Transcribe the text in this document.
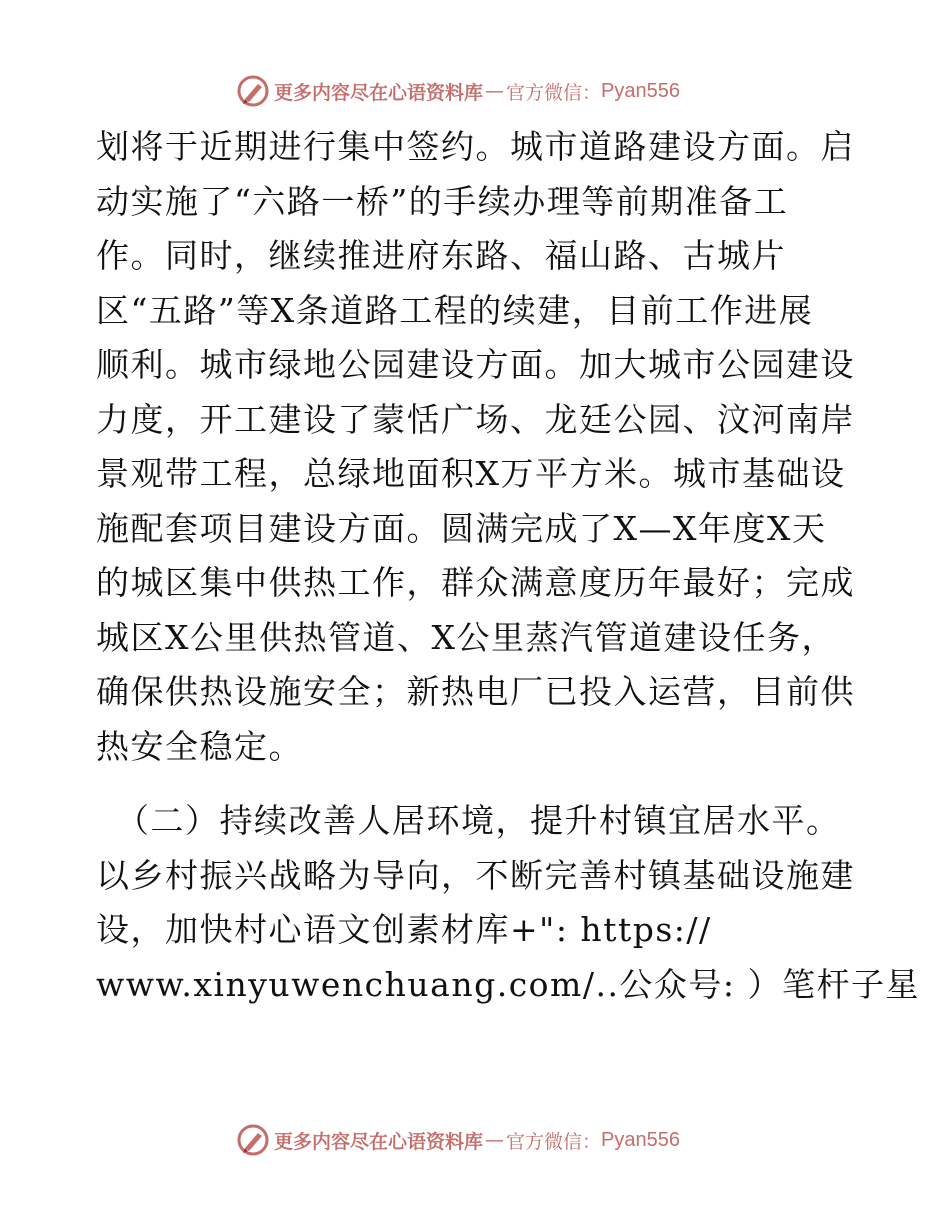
更多内容尽在心语资料库 — 官方微信： Pyan556
划将于近期进行集中签约。城市道路建设方面。启
动实施了“六路一桥”的手续办理等前期准备工
作。同时，继续推进府东路、福山路、古城片
区“五路”等X条道路工程的续建，目前工作进展
顺利。城市绿地公园建设方面。加大城市公园建设
力度，开工建设了蒙恬广场、龙廷公园、汶河南岸
景观带工程，总绿地面积X万平方米。城市基础设
施配套项目建设方面。圆满完成了X—X年度X天
的城区集中供热工作，群众满意度历年最好；完成
城区X公里供热管道、X公里蒸汽管道建设任务，
确保供热设施安全；新热电厂已投入运营，目前供
热安全稳定。
（二）持续改善人居环境，提升村镇宜居水平。
以乡村振兴战略为导向，不断完善村镇基础设施建
设，加快村心语文创素材库+": https://
www.xinyuwenchuang.com/..公众号: ）笔杆子星
更多内容尽在心语资料库 — 官方微信： Pyan556
